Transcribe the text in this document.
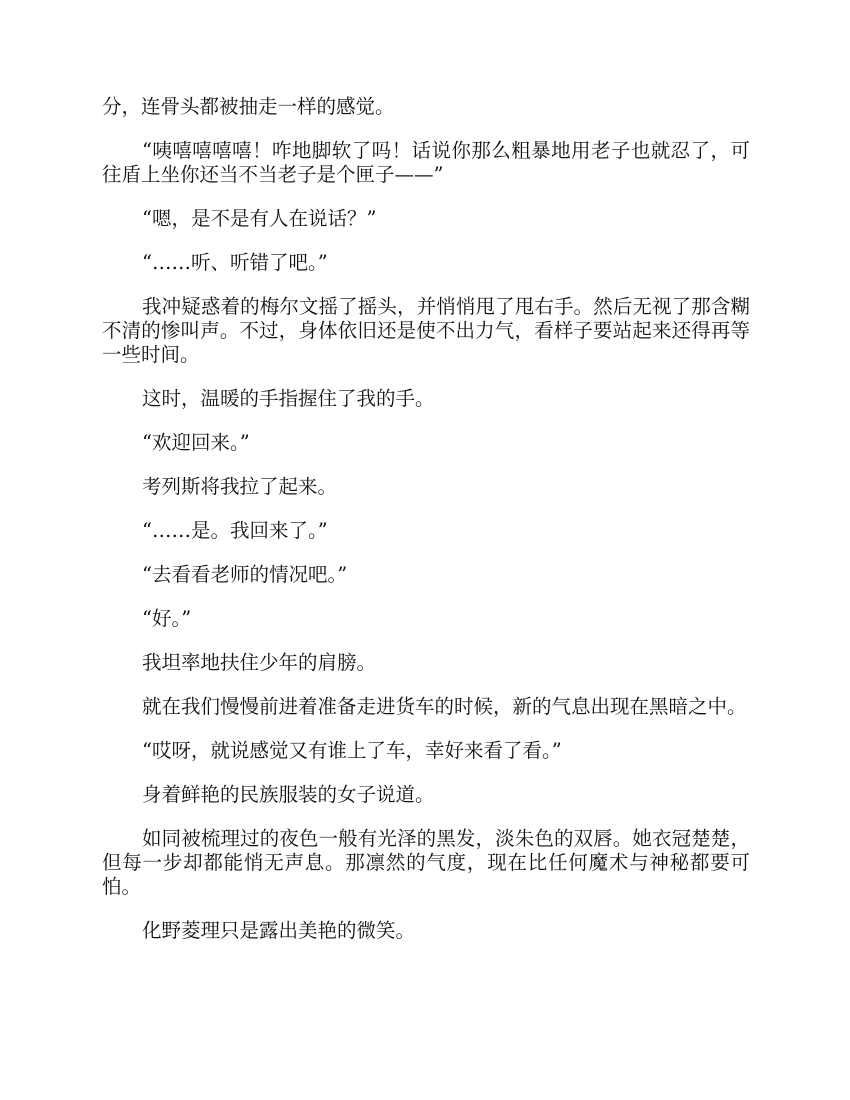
分，连骨头都被抽走一样的感觉。

“咦嘻嘻嘻嘻！咋地脚软了吗！话说你那么粗暴地用老子也就忍了，可往盾上坐你还当不当老子是个匣子——”

“嗯，是不是有人在说话？”

“……听、听错了吧。”

我冲疑惑着的梅尔文摇了摇头，并悄悄甩了甩右手。然后无视了那含糊不清的惨叫声。不过，身体依旧还是使不出力气，看样子要站起来还得再等一些时间。

这时，温暖的手指握住了我的手。

“欢迎回来。”

考列斯将我拉了起来。

“……是。我回来了。”

“去看看老师的情况吧。”

“好。”

我坦率地扶住少年的肩膀。

就在我们慢慢前进着准备走进货车的时候，新的气息出现在黑暗之中。

“哎呀，就说感觉又有谁上了车，幸好来看了看。”

身着鲜艳的民族服装的女子说道。

如同被梳理过的夜色一般有光泽的黑发，淡朱色的双唇。她衣冠楚楚，但每一步却都能悄无声息。那凛然的气度，现在比任何魔术与神秘都要可怕。

化野菱理只是露出美艳的微笑。
